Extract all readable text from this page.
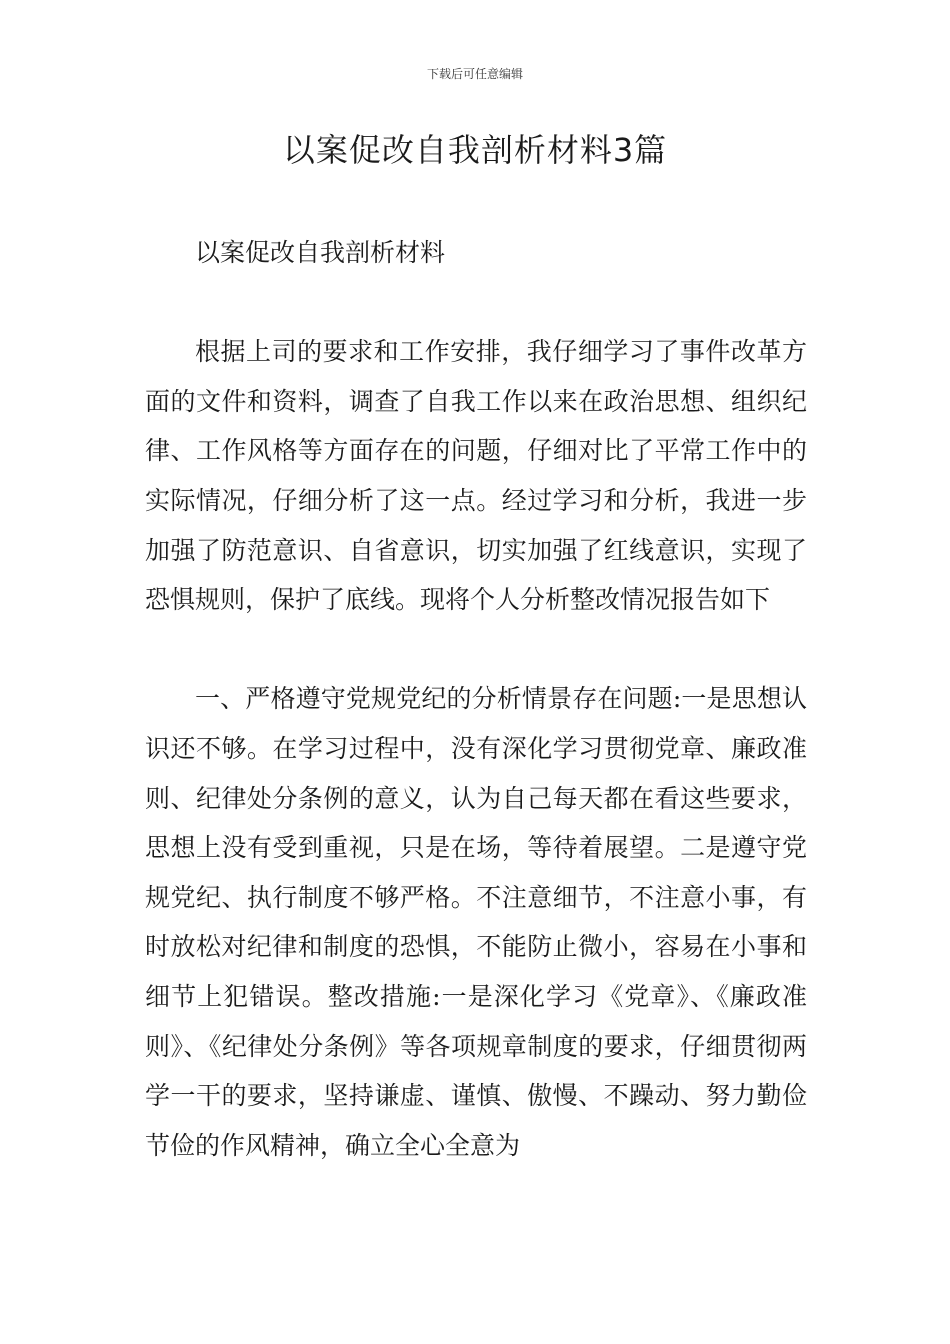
下载后可任意编辑
以案促改自我剖析材料3篇

以案促改自我剖析材料

根据上司的要求和工作安排，我仔细学习了事件改革方面的文件和资料，调查了自我工作以来在政治思想、组织纪律、工作风格等方面存在的问题，仔细对比了平常工作中的实际情况，仔细分析了这一点。经过学习和分析，我进一步加强了防范意识、自省意识，切实加强了红线意识，实现了恐惧规则，保护了底线。现将个人分析整改情况报告如下

一、严格遵守党规党纪的分析情景存在问题:一是思想认识还不够。在学习过程中，没有深化学习贯彻党章、廉政准则、纪律处分条例的意义，认为自己每天都在看这些要求，思想上没有受到重视，只是在场，等待着展望。二是遵守党规党纪、执行制度不够严格。不注意细节，不注意小事，有时放松对纪律和制度的恐惧，不能防止微小，容易在小事和细节上犯错误。整改措施:一是深化学习《党章》、《廉政准则》、《纪律处分条例》等各项规章制度的要求，仔细贯彻两学一干的要求，坚持谦虚、谨慎、傲慢、不躁动、努力勤俭节俭的作风精神，确立全心全意为
